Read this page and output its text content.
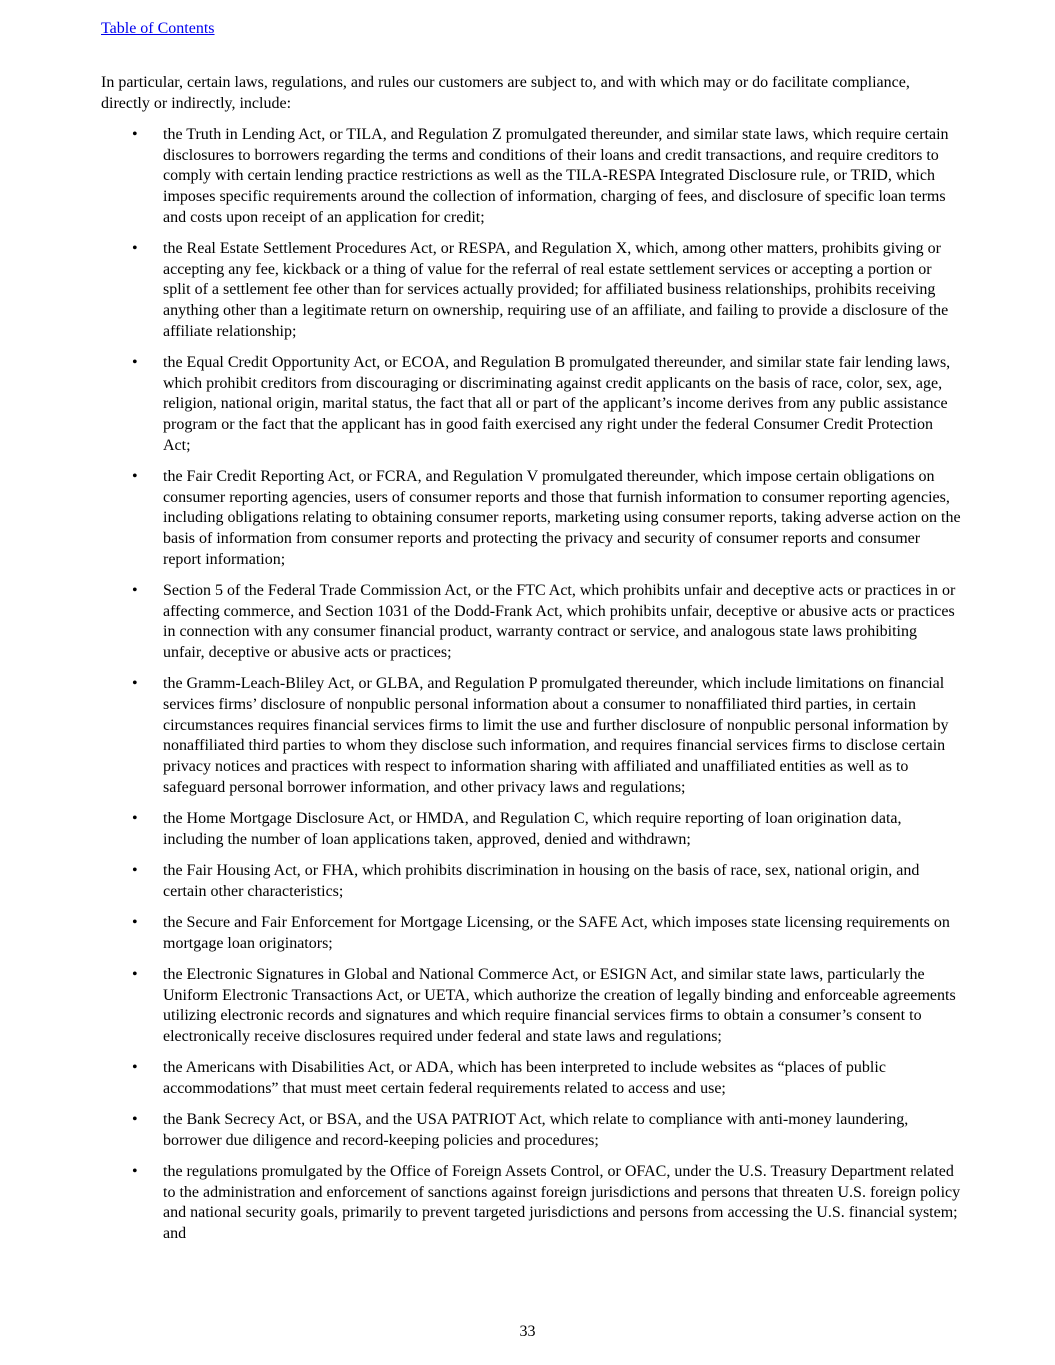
Table of Contents

In particular, certain laws, regulations, and rules our customers are subject to, and with which may or do facilitate compliance, directly or indirectly, include:

• the Truth in Lending Act, or TILA, and Regulation Z promulgated thereunder, and similar state laws, which require certain disclosures to borrowers regarding the terms and conditions of their loans and credit transactions, and require creditors to comply with certain lending practice restrictions as well as the TILA-RESPA Integrated Disclosure rule, or TRID, which imposes specific requirements around the collection of information, charging of fees, and disclosure of specific loan terms and costs upon receipt of an application for credit;
• the Real Estate Settlement Procedures Act, or RESPA, and Regulation X, which, among other matters, prohibits giving or accepting any fee, kickback or a thing of value for the referral of real estate settlement services or accepting a portion or split of a settlement fee other than for services actually provided; for affiliated business relationships, prohibits receiving anything other than a legitimate return on ownership, requiring use of an affiliate, and failing to provide a disclosure of the affiliate relationship;
• the Equal Credit Opportunity Act, or ECOA, and Regulation B promulgated thereunder, and similar state fair lending laws, which prohibit creditors from discouraging or discriminating against credit applicants on the basis of race, color, sex, age, religion, national origin, marital status, the fact that all or part of the applicant’s income derives from any public assistance program or the fact that the applicant has in good faith exercised any right under the federal Consumer Credit Protection Act;
• the Fair Credit Reporting Act, or FCRA, and Regulation V promulgated thereunder, which impose certain obligations on consumer reporting agencies, users of consumer reports and those that furnish information to consumer reporting agencies, including obligations relating to obtaining consumer reports, marketing using consumer reports, taking adverse action on the basis of information from consumer reports and protecting the privacy and security of consumer reports and consumer report information;
• Section 5 of the Federal Trade Commission Act, or the FTC Act, which prohibits unfair and deceptive acts or practices in or affecting commerce, and Section 1031 of the Dodd-Frank Act, which prohibits unfair, deceptive or abusive acts or practices in connection with any consumer financial product, warranty contract or service, and analogous state laws prohibiting unfair, deceptive or abusive acts or practices;
• the Gramm-Leach-Bliley Act, or GLBA, and Regulation P promulgated thereunder, which include limitations on financial services firms’ disclosure of nonpublic personal information about a consumer to nonaffiliated third parties, in certain circumstances requires financial services firms to limit the use and further disclosure of nonpublic personal information by nonaffiliated third parties to whom they disclose such information, and requires financial services firms to disclose certain privacy notices and practices with respect to information sharing with affiliated and unaffiliated entities as well as to safeguard personal borrower information, and other privacy laws and regulations;
• the Home Mortgage Disclosure Act, or HMDA, and Regulation C, which require reporting of loan origination data, including the number of loan applications taken, approved, denied and withdrawn;
• the Fair Housing Act, or FHA, which prohibits discrimination in housing on the basis of race, sex, national origin, and certain other characteristics;
• the Secure and Fair Enforcement for Mortgage Licensing, or the SAFE Act, which imposes state licensing requirements on mortgage loan originators;
• the Electronic Signatures in Global and National Commerce Act, or ESIGN Act, and similar state laws, particularly the Uniform Electronic Transactions Act, or UETA, which authorize the creation of legally binding and enforceable agreements utilizing electronic records and signatures and which require financial services firms to obtain a consumer’s consent to electronically receive disclosures required under federal and state laws and regulations;
• the Americans with Disabilities Act, or ADA, which has been interpreted to include websites as “places of public accommodations” that must meet certain federal requirements related to access and use;
• the Bank Secrecy Act, or BSA, and the USA PATRIOT Act, which relate to compliance with anti-money laundering, borrower due diligence and record-keeping policies and procedures;
• the regulations promulgated by the Office of Foreign Assets Control, or OFAC, under the U.S. Treasury Department related to the administration and enforcement of sanctions against foreign jurisdictions and persons that threaten U.S. foreign policy and national security goals, primarily to prevent targeted jurisdictions and persons from accessing the U.S. financial system; and
33
